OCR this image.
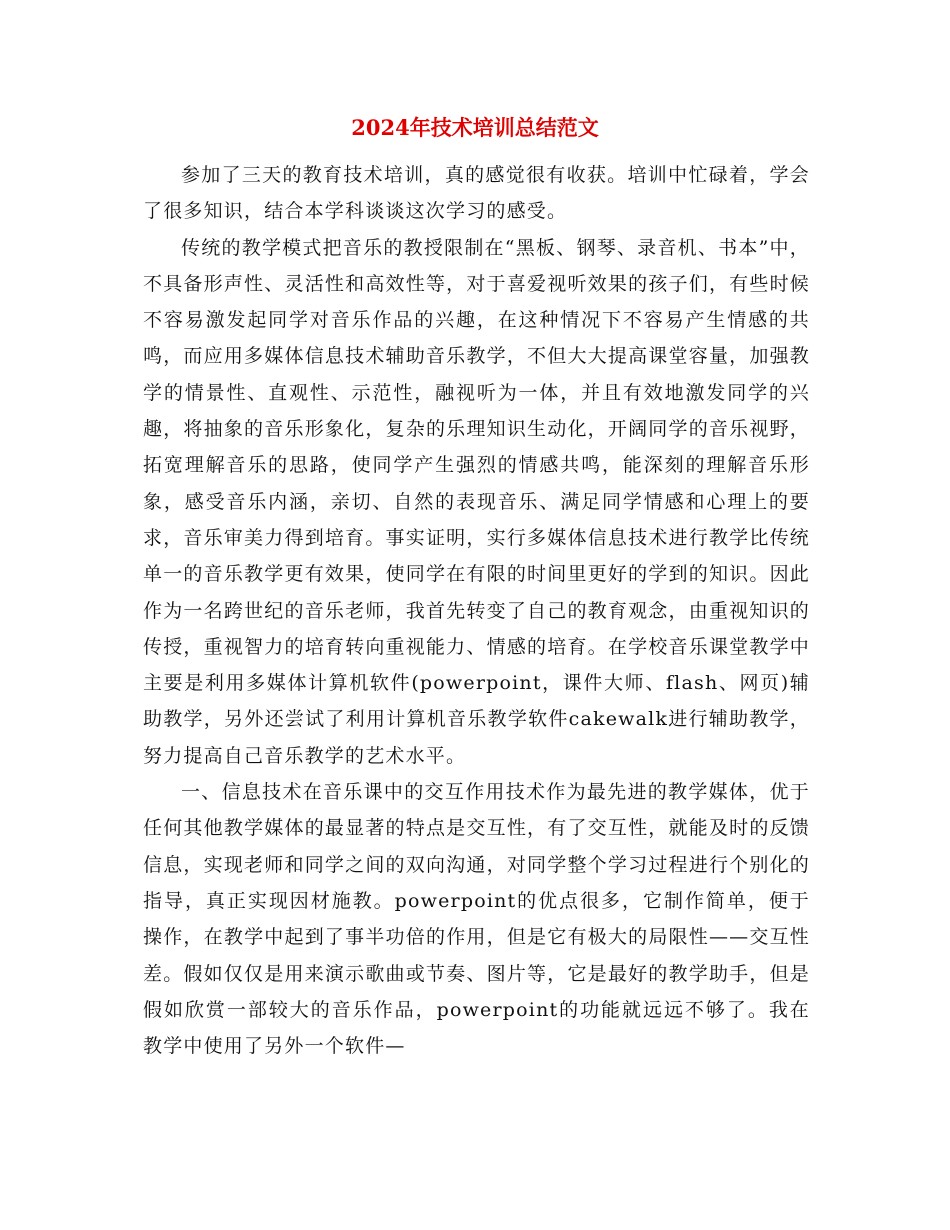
2024年技术培训总结范文

参加了三天的教育技术培训，真的感觉很有收获。培训中忙碌着，学会了很多知识，结合本学科谈谈这次学习的感受。

传统的教学模式把音乐的教授限制在“黑板、钢琴、录音机、书本”中，不具备形声性、灵活性和高效性等，对于喜爱视听效果的孩子们，有些时候不容易激发起同学对音乐作品的兴趣，在这种情况下不容易产生情感的共鸣，而应用多媒体信息技术辅助音乐教学，不但大大提高课堂容量，加强教学的情景性、直观性、示范性，融视听为一体，并且有效地激发同学的兴趣，将抽象的音乐形象化，复杂的乐理知识生动化，开阔同学的音乐视野，拓宽理解音乐的思路，使同学产生强烈的情感共鸣，能深刻的理解音乐形象，感受音乐内涵，亲切、自然的表现音乐、满足同学情感和心理上的要求，音乐审美力得到培育。事实证明，实行多媒体信息技术进行教学比传统单一的音乐教学更有效果，使同学在有限的时间里更好的学到的知识。因此作为一名跨世纪的音乐老师，我首先转变了自己的教育观念，由重视知识的传授，重视智力的培育转向重视能力、情感的培育。在学校音乐课堂教学中主要是利用多媒体计算机软件(powerpoint，课件大师、flash、网页)辅助教学，另外还尝试了利用计算机音乐教学软件cakewalk进行辅助教学，努力提高自己音乐教学的艺术水平。

一、信息技术在音乐课中的交互作用技术作为最先进的教学媒体，优于任何其他教学媒体的最显著的特点是交互性，有了交互性，就能及时的反馈信息，实现老师和同学之间的双向沟通，对同学整个学习过程进行个别化的指导，真正实现因材施教。powerpoint的优点很多，它制作简单，便于操作，在教学中起到了事半功倍的作用，但是它有极大的局限性——交互性差。假如仅仅是用来演示歌曲或节奏、图片等，它是最好的教学助手，但是假如欣赏一部较大的音乐作品，powerpoint的功能就远远不够了。我在教学中使用了另外一个软件—
